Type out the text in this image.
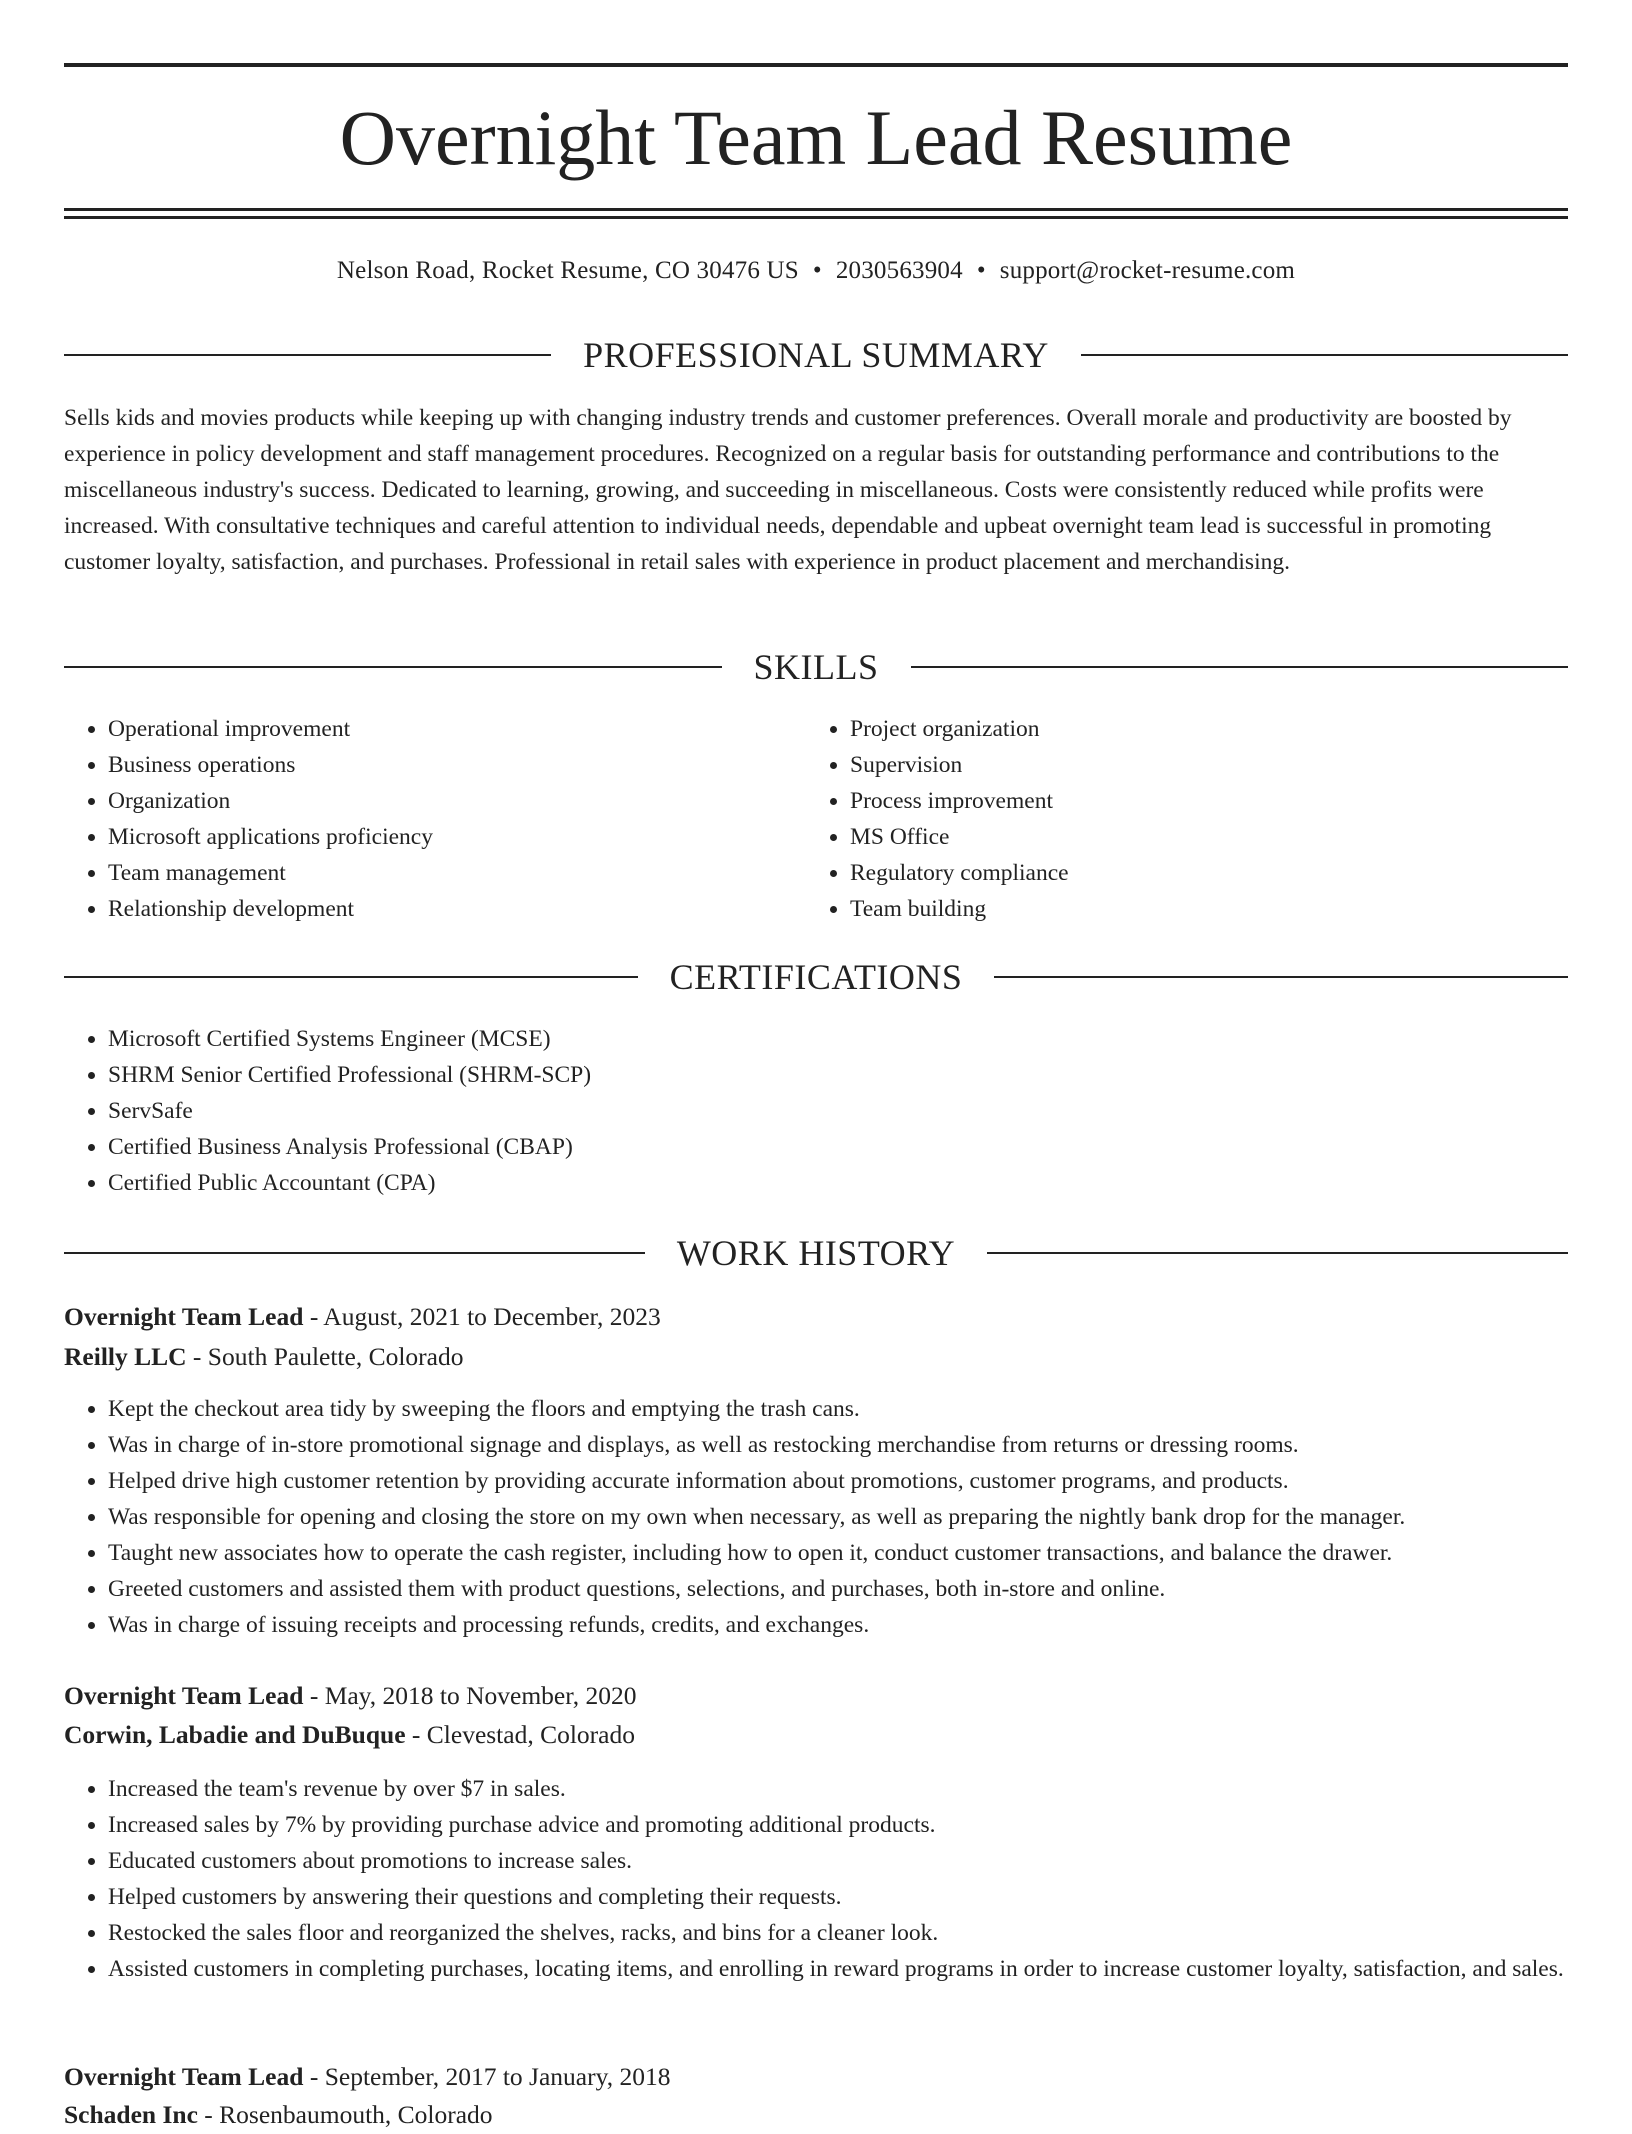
Overnight Team Lead Resume
Nelson Road, Rocket Resume, CO 30476 US • 2030563904 • support@rocket-resume.com
PROFESSIONAL SUMMARY

Sells kids and movies products while keeping up with changing industry trends and customer preferences. Overall morale and productivity are boosted by experience in policy development and staff management procedures. Recognized on a regular basis for outstanding performance and contributions to the miscellaneous industry's success. Dedicated to learning, growing, and succeeding in miscellaneous. Costs were consistently reduced while profits were increased. With consultative techniques and careful attention to individual needs, dependable and upbeat overnight team lead is successful in promoting customer loyalty, satisfaction, and purchases. Professional in retail sales with experience in product placement and merchandising.

SKILLS
• Operational improvement
• Business operations
• Organization
• Microsoft applications proficiency
• Team management
• Relationship development
• Project organization
• Supervision
• Process improvement
• MS Office
• Regulatory compliance
• Team building
CERTIFICATIONS
• Microsoft Certified Systems Engineer (MCSE)
• SHRM Senior Certified Professional (SHRM-SCP)
• ServSafe
• Certified Business Analysis Professional (CBAP)
• Certified Public Accountant (CPA)
WORK HISTORY
Overnight Team Lead - August, 2021 to December, 2023
Reilly LLC - South Paulette, Colorado
• Kept the checkout area tidy by sweeping the floors and emptying the trash cans.
• Was in charge of in-store promotional signage and displays, as well as restocking merchandise from returns or dressing rooms.
• Helped drive high customer retention by providing accurate information about promotions, customer programs, and products.
• Was responsible for opening and closing the store on my own when necessary, as well as preparing the nightly bank drop for the manager.
• Taught new associates how to operate the cash register, including how to open it, conduct customer transactions, and balance the drawer.
• Greeted customers and assisted them with product questions, selections, and purchases, both in-store and online.
• Was in charge of issuing receipts and processing refunds, credits, and exchanges.
Overnight Team Lead - May, 2018 to November, 2020
Corwin, Labadie and DuBuque - Clevestad, Colorado
• Increased the team's revenue by over $7 in sales.
• Increased sales by 7% by providing purchase advice and promoting additional products.
• Educated customers about promotions to increase sales.
• Helped customers by answering their questions and completing their requests.
• Restocked the sales floor and reorganized the shelves, racks, and bins for a cleaner look.
• Assisted customers in completing purchases, locating items, and enrolling in reward programs in order to increase customer loyalty, satisfaction, and sales.
Overnight Team Lead - September, 2017 to January, 2018
Schaden Inc - Rosenbaumouth, Colorado
